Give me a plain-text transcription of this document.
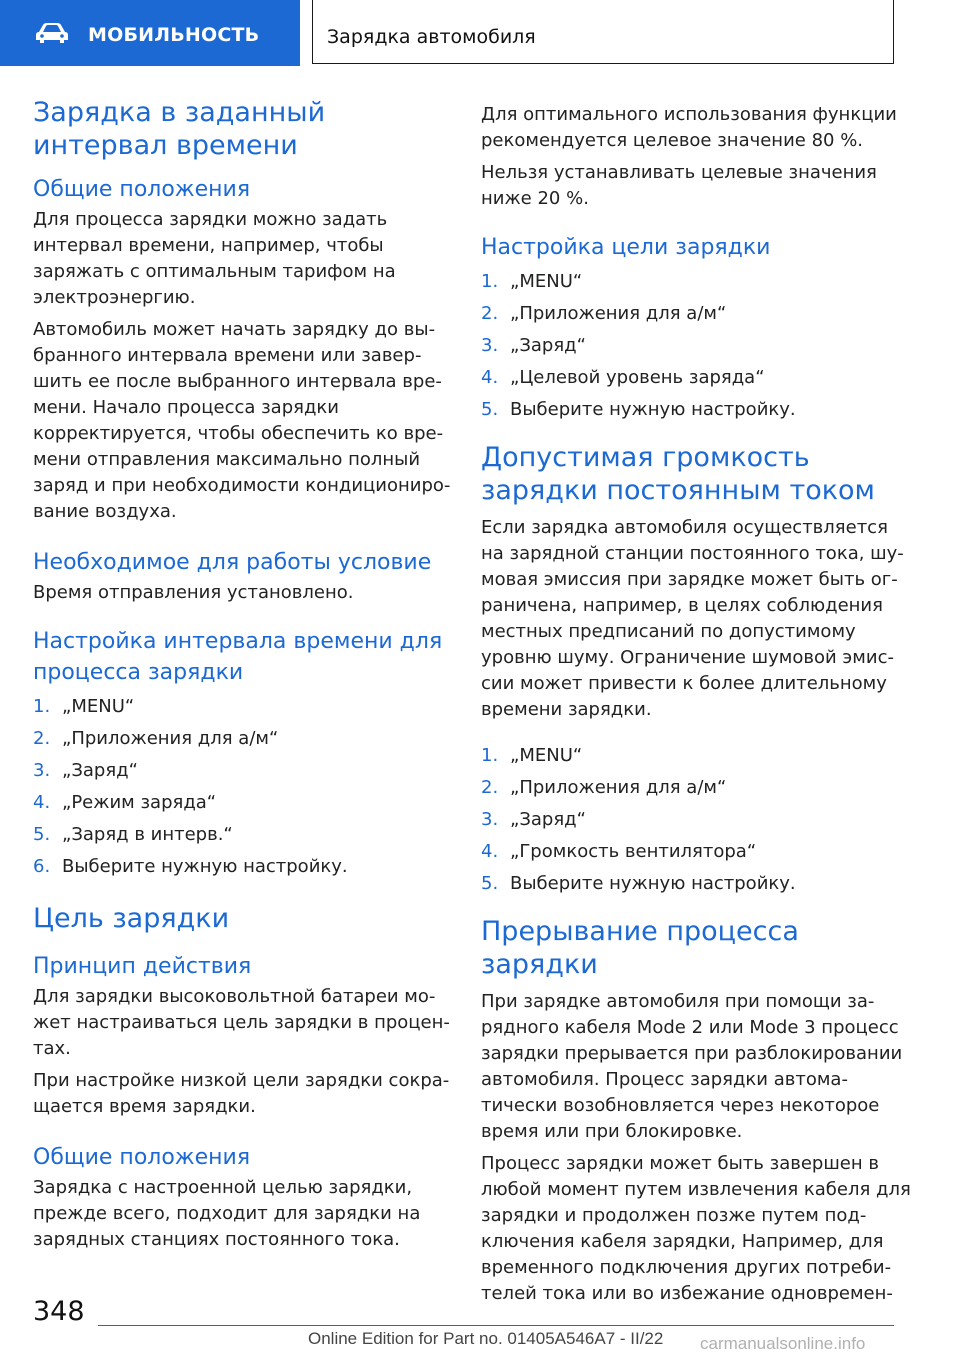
МОБИЛЬНОСТЬ	Зарядка автомобиля
Зарядка в заданный интервал времени
Общие положения

Для процесса зарядки можно задать интервал времени, например, чтобы заряжать с оптимальным тарифом на электроэнергию.

Автомобиль может начать зарядку до выбранного интервала времени или завершить ее после выбранного интервала времени. Начало процесса зарядки корректируется, чтобы обеспечить ко времени отправления максимально полный заряд и при необходимости кондиционирование воздуха.

Необходимое для работы условие

Время отправления установлено.

Настройка интервала времени для процесса зарядки
1. „MENU“
2. „Приложения для а/м“
3. „Заряд“
4. „Режим заряда“
5. „Заряд в интерв.“
6. Выберите нужную настройку.
Цель зарядки
Принцип действия

Для зарядки высоковольтной батареи может настраиваться цель зарядки в процентах.

При настройке низкой цели зарядки сокращается время зарядки.

Общие положения

Зарядка с настроенной целью зарядки, прежде всего, подходит для зарядки на зарядных станциях постоянного тока.

Для оптимального использования функции рекомендуется целевое значение 80 %.

Нельзя устанавливать целевые значения ниже 20 %.

Настройка цели зарядки
1. „MENU“
2. „Приложения для а/м“
3. „Заряд“
4. „Целевой уровень заряда“
5. Выберите нужную настройку.
Допустимая громкость зарядки постоянным током

Если зарядка автомобиля осуществляется на зарядной станции постоянного тока, шумовая эмиссия при зарядке может быть ограничена, например, в целях соблюдения местных предписаний по допустимому уровню шуму. Ограничение шумовой эмиссии может привести к более длительному времени зарядки.

1. „MENU“
2. „Приложения для а/м“
3. „Заряд“
4. „Громкость вентилятора“
5. Выберите нужную настройку.
Прерывание процесса зарядки

При зарядке автомобиля при помощи зарядного кабеля Mode 2 или Mode 3 процесс зарядки прерывается при разблокировании автомобиля. Процесс зарядки автоматически возобновляется через некоторое время или при блокировке.

Процесс зарядки может быть завершен в любой момент путем извлечения кабеля для зарядки и продолжен позже путем подключения кабеля зарядки, Например, для временного подключения других потребителей тока или во избежание одновремен-

348
Online Edition for Part no. 01405A546A7 - II/22 carmanualsonline.info
